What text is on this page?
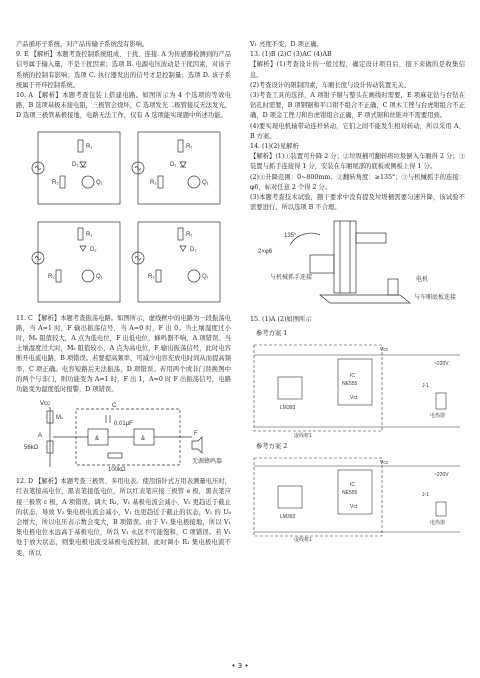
产品循环子系统，对产品传输子系统没有影响。

9. E 【解析】本题考查控制系统组成、干扰、连接. A 为传感器检测到的产品信号属于输入量，不是干扰因素；选项 B. 电源电压波动是干扰因素，对该子系统的控制有影响；选项 C. 执行器发出的信号才是控制量；选项 D. 该子系统属于开环控制系统。

10. A 【解析】本题考查包装上搭建电路。如图所示为 4 个选项的等效电路，B 选项基极未接电阻，三极管会烧坏，C 选项发光二极管接反无法发光，D 选项三极管基极接地，电路无法工作，仅有 A 选项能实现题中所述功能。

R₁
D₁
Q₁
R₂
R₁
D₁
Q₁
R₂
R₁
D₂
Q₁
R₂
R₁
D₂
Q₁
R₂

11. C 【解析】本题考查振荡电路。如图所示，虚线框中的电路为一段振荡电路，当 A=1 时，F 输出振荡信号，当 A=0 时，F 出 0。当土壤湿度过小时，Mₛ 阻值较大，A 点为低电位，F 出低电位，蜂鸣器不响，A 项错误。当土壤湿度过大时，Mₛ 阻值较小，A 点为高电位，F 输出振荡信号，此时电容断开电流电路，B 项错误。若要提高频率，可减少电容充放电时间从而提高频率，C 项正确。电容短路后无法振荡，D 项错误。若用两个或非门替换图中的两个与非门，则功能变为 A=1 时，F 出 1，A=0 时 F 出振荡信号，电路功能变为湿度低时报警，D 项错误。

Vcc
Mₛ
A
56kΩ
C
0.01μF
&	&
100kΩ
F
无源蜂鸣器

12. D 【解析】本题考查三极管、多用电表。使用指针式万用表测量电压时，红表笔接高电位，黑表笔接低电位，所以红表笔应接三极管 e 极，黑表笔应接三极管 c 极，A 项错误。调大 R₁，V₁ 基极电流会减小，V₂ 更趋近于截止的状态，导致 V₂ 集电极电流会减小，V₁ 也更趋近于截止的状态，V₁ 的 U₀ 会增大，所以电压表示数会变大，B 项错误。由于 V₁ 集电极接地，所以 V₁ 集电极电位永远高于基极电位，所以 V₁ 永远不可能饱和，C 项错误。若 V₁ 处于放大状态，则集电极电流受基极电流控制，此时调小 R₁ 集电极电流不变，所以

V₁ 亮度不变，D 项正确。

13. (1)B (2)C (3)AC (4)AB

【解析】(1)考查设计的一般过程，确定设计项目后，接下来做的是收集信息。

(2)考查设计的限制因素，车厢长度与设计传动装置无关。

(3)考查工具的选择，A 项钳子掰与整头在画线时需要，E 项麻花钻与台钻在钻孔时需要，B 项钢锯和平口钳不组合不正确，C 项木工锉与台虎钳组合不正确，D 项金工锉刀和台虎钳组合正确，F 项式锯和丝锥并不需要用到。

(4)要实现电机轴带动连杆转动，它们之间不能发生相对转动，所以采用 A、B 方案。

14. (1)(2)见解析

【解析】(1)①装置可升降 2 分；②垃圾桶可翻转将垃圾倒入车厢得 2 分；③装置与抓手连接得 1 分，安装在车厢尾部的底板或侧板上得 1 分。

(2)①升降范围：0~800mm；②翻转角度：≥135°；③与机械抓手的连接：φ6，标对任意 2 个得 2 分。

(3)本题考查技术试验，题干要求中没有提及垃圾桶需要匀速升降，该试验不需要进行，所以选项 B 不合理。

135°
2×φ6
与机械抓手连接	电机
与车厢底板连接

15. (1)A (2)如图所示

参考方案 1

LM393
IC
NE555
Vct
Vcc
~220V
J-1
电热器
虚线框1

参考方案 2

LM393
IC
NE555
Vct
Vcc
~220V
J-1
电热器
虚线框1
• 3 •
